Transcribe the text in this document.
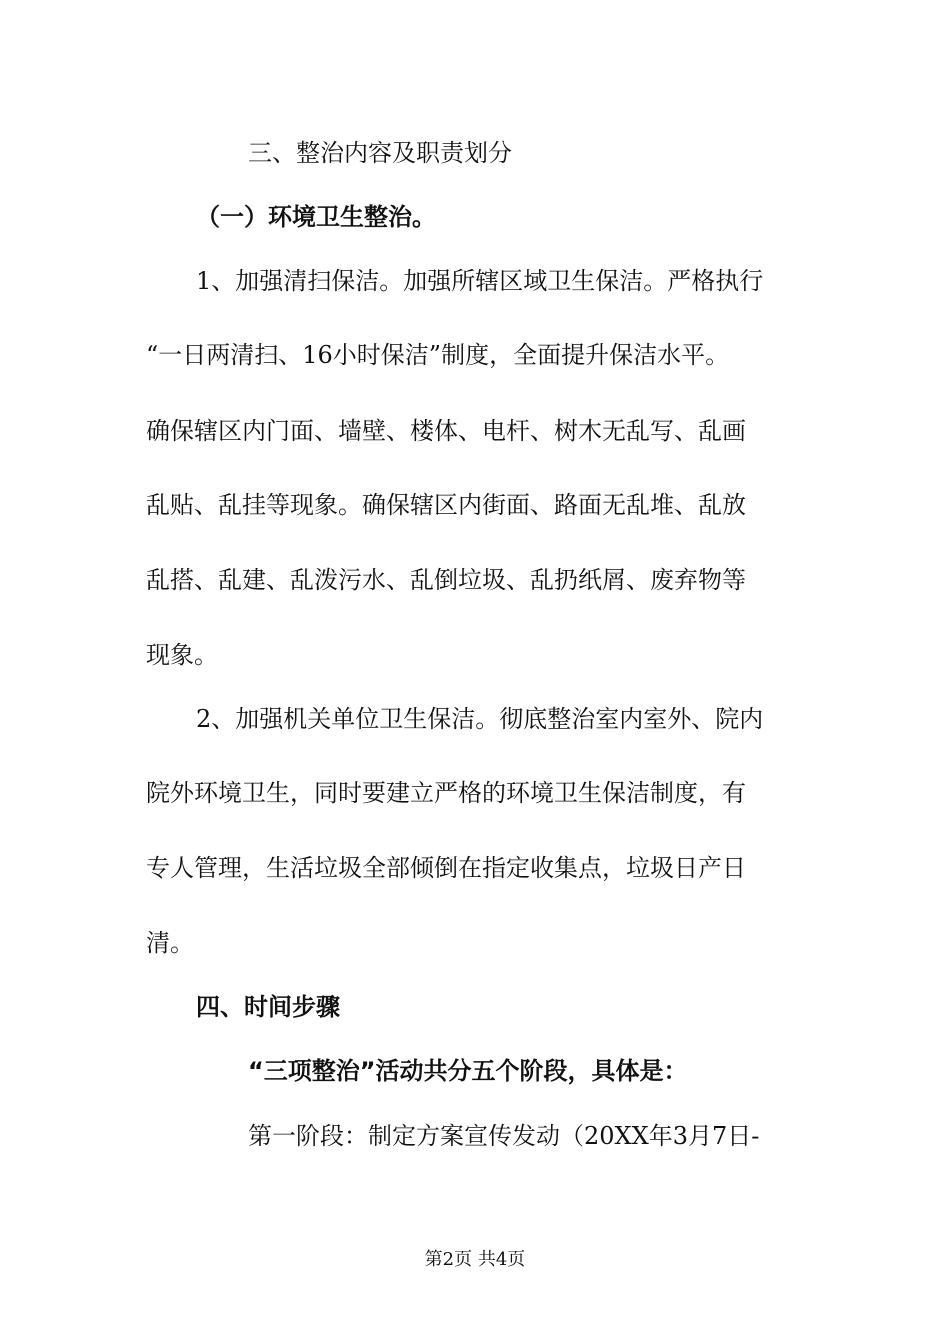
三、整治内容及职责划分
（一）环境卫生整治。
1、加强清扫保洁。加强所辖区域卫生保洁。严格执行
“一日两清扫、16小时保洁”制度，全面提升保洁水平。
确保辖区内门面、墙壁、楼体、电杆、树木无乱写、乱画
乱贴、乱挂等现象。确保辖区内街面、路面无乱堆、乱放
乱搭、乱建、乱泼污水、乱倒垃圾、乱扔纸屑、废弃物等
现象。
2、加强机关单位卫生保洁。彻底整治室内室外、院内
院外环境卫生，同时要建立严格的环境卫生保洁制度，有
专人管理，生活垃圾全部倾倒在指定收集点，垃圾日产日
清。
四、时间步骤
“三项整治”活动共分五个阶段，具体是：
第一阶段：制定方案宣传发动（20XX年3月7日-
第2页 共4页
